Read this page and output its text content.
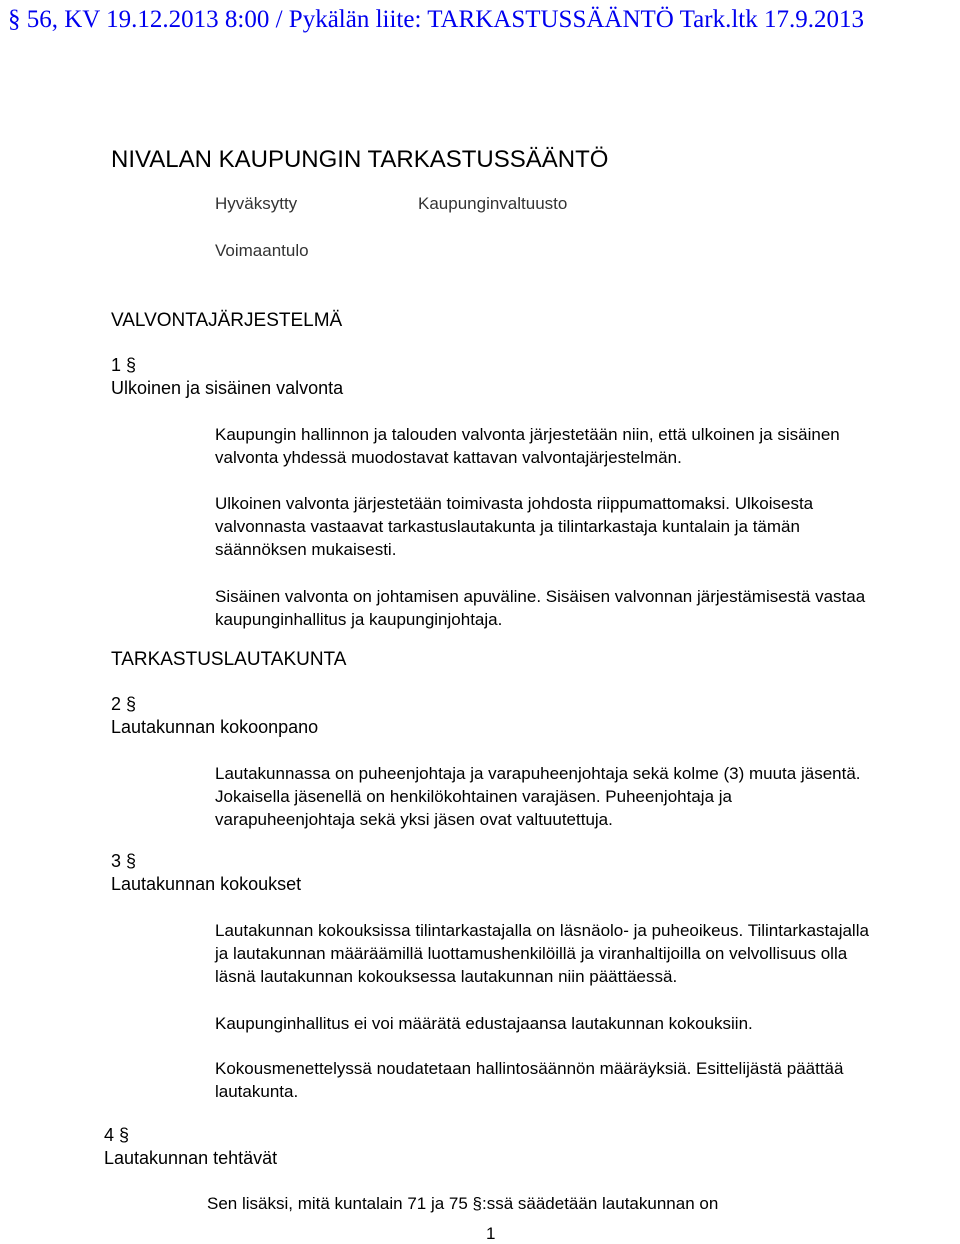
§ 56, KV 19.12.2013 8:00 / Pykälän liite: TARKASTUSSÄÄNTÖ Tark.ltk 17.9.2013
NIVALAN KAUPUNGIN TARKASTUSSÄÄNTÖ
Hyväksytty	Kaupunginvaltuusto
Voimaantulo
VALVONTAJÄRJESTELMÄ
1 §
Ulkoinen ja sisäinen valvonta

Kaupungin hallinnon ja talouden valvonta järjestetään niin, että ulkoinen ja sisäinen valvonta yhdessä muodostavat kattavan valvontajärjestelmän.

Ulkoinen valvonta järjestetään toimivasta johdosta riippumattomaksi. Ulkoisesta valvonnasta vastaavat tarkastuslautakunta ja tilintarkastaja kuntalain ja tämän säännöksen mukaisesti.

Sisäinen valvonta on johtamisen apuväline. Sisäisen valvonnan järjestämisestä vastaa kaupunginhallitus ja kaupunginjohtaja.

TARKASTUSLAUTAKUNTA
2 §
Lautakunnan kokoonpano

Lautakunnassa on puheenjohtaja ja varapuheenjohtaja sekä kolme (3) muuta jäsentä. Jokaisella jäsenellä on henkilökohtainen varajäsen. Puheenjohtaja ja varapuheenjohtaja sekä yksi jäsen ovat valtuutettuja.

3 §
Lautakunnan kokoukset

Lautakunnan kokouksissa tilintarkastajalla on läsnäolo- ja puheoikeus. Tilintarkastajalla ja lautakunnan määräämillä luottamushenkilöillä ja viranhaltijoilla on velvollisuus olla läsnä lautakunnan kokouksessa lautakunnan niin päättäessä.

Kaupunginhallitus ei voi määrätä edustajaansa lautakunnan kokouksiin.

Kokousmenettelyssä noudatetaan hallintosäännön määräyksiä. Esittelijästä päättää lautakunta.

4 §
Lautakunnan tehtävät

Sen lisäksi, mitä kuntalain 71 ja 75 §:ssä säädetään lautakunnan on

1
